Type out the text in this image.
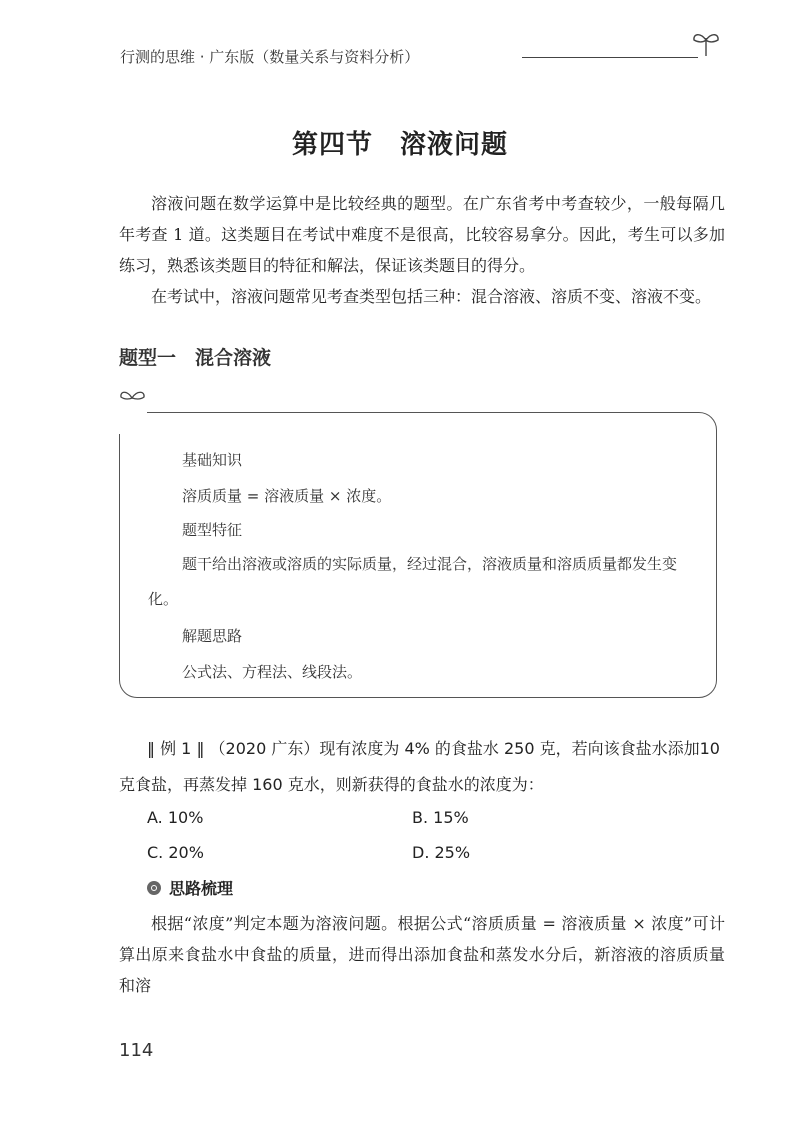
行测的思维 · 广东版（数量关系与资料分析）
第四节　溶液问题

溶液问题在数学运算中是比较经典的题型。在广东省考中考查较少，一般每隔几年考查 1 道。这类题目在考试中难度不是很高，比较容易拿分。因此，考生可以多加练习，熟悉该类题目的特征和解法，保证该类题目的得分。

在考试中，溶液问题常见考查类型包括三种：混合溶液、溶质不变、溶液不变。

题型一　混合溶液
基础知识
溶质质量 = 溶液质量 × 浓度。
题型特征
题干给出溶液或溶质的实际质量，经过混合，溶液质量和溶质质量都发生变化。
解题思路
公式法、方程法、线段法。
‖ 例 1 ‖ （2020 广东）现有浓度为 4% 的食盐水 250 克，若向该食盐水添加10 克食盐，再蒸发掉 160 克水，则新获得的食盐水的浓度为：
A. 10%	B. 15%
C. 20%	D. 25%
思路梳理

根据“浓度”判定本题为溶液问题。根据公式“溶质质量 = 溶液质量 × 浓度”可计算出原来食盐水中食盐的质量，进而得出添加食盐和蒸发水分后，新溶液的溶质质量和溶

114
